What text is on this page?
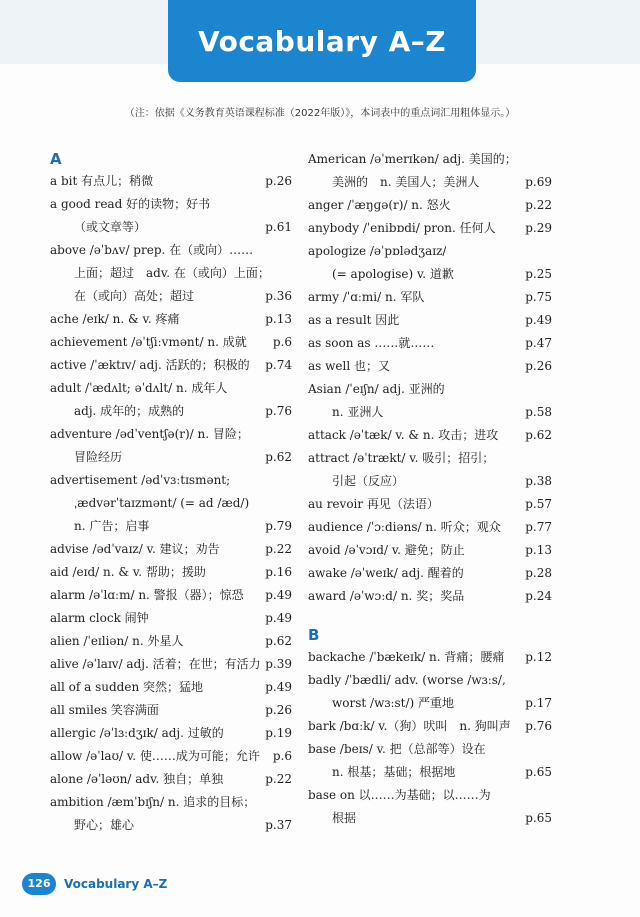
Vocabulary A–Z
（注：依据《义务教育英语课程标准（2022年版）》，本词表中的重点词汇用粗体显示。）
A
a bit 有点儿；稍微	p.26
a good read 好的读物；好书
（或文章等）	p.61
above /əˈbʌv/ prep. 在（或向）……
上面；超过　adv. 在（或向）上面；
在（或向）高处；超过	p.36
ache /eɪk/ n. & v. 疼痛	p.13
achievement /əˈtʃiːvmənt/ n. 成就	p.6
active /ˈæktɪv/ adj. 活跃的；积极的	p.74
adult /ˈædʌlt; əˈdʌlt/ n. 成年人
adj. 成年的；成熟的	p.76
adventure /ədˈventʃə(r)/ n. 冒险；
冒险经历	p.62
advertisement /ədˈvɜːtɪsmənt;
ˌædvərˈtaɪzmənt/ (= ad /æd/)
n. 广告；启事	p.79
advise /ədˈvaɪz/ v. 建议；劝告	p.22
aid /eɪd/ n. & v. 帮助；援助	p.16
alarm /əˈlɑːm/ n. 警报（器）；惊恐	p.49
alarm clock 闹钟	p.49
alien /ˈeɪliən/ n. 外星人	p.62
alive /əˈlaɪv/ adj. 活着；在世；有活力 p.39
all of a sudden 突然；猛地	p.49
all smiles 笑容满面	p.26
allergic /əˈlɜːdʒɪk/ adj. 过敏的	p.19
allow /əˈlaʊ/ v. 使……成为可能；允许	p.6
alone /əˈləʊn/ adv. 独自；单独	p.22
ambition /æmˈbɪʃn/ n. 追求的目标；
野心；雄心	p.37
American /əˈmerɪkən/ adj. 美国的；
美洲的　n. 美国人；美洲人	p.69
anger /ˈæŋɡə(r)/ n. 怒火	p.22
anybody /ˈenibɒdi/ pron. 任何人	p.29
apologize /əˈpɒlədʒaɪz/
(= apologise) v. 道歉	p.25
army /ˈɑːmi/ n. 军队	p.75
as a result 因此	p.49
as soon as ……就……	p.47
as well 也；又	p.26
Asian /ˈeɪʃn/ adj. 亚洲的
n. 亚洲人	p.58
attack /əˈtæk/ v. & n. 攻击；进攻	p.62
attract /əˈtrækt/ v. 吸引；招引；
引起（反应）	p.38
au revoir 再见（法语）	p.57
audience /ˈɔːdiəns/ n. 听众；观众	p.77
avoid /əˈvɔɪd/ v. 避免；防止	p.13
awake /əˈweɪk/ adj. 醒着的	p.28
award /əˈwɔːd/ n. 奖；奖品	p.24
B
backache /ˈbækeɪk/ n. 背痛；腰痛	p.12
badly /ˈbædli/ adv. (worse /wɜːs/,
worst /wɜːst/) 严重地	p.17
bark /bɑːk/ v.（狗）吠叫　n. 狗叫声	p.76
base /beɪs/ v. 把（总部等）设在
n. 根基；基础；根据地	p.65
base on 以……为基础；以……为
根据	p.65
126	Vocabulary A–Z
